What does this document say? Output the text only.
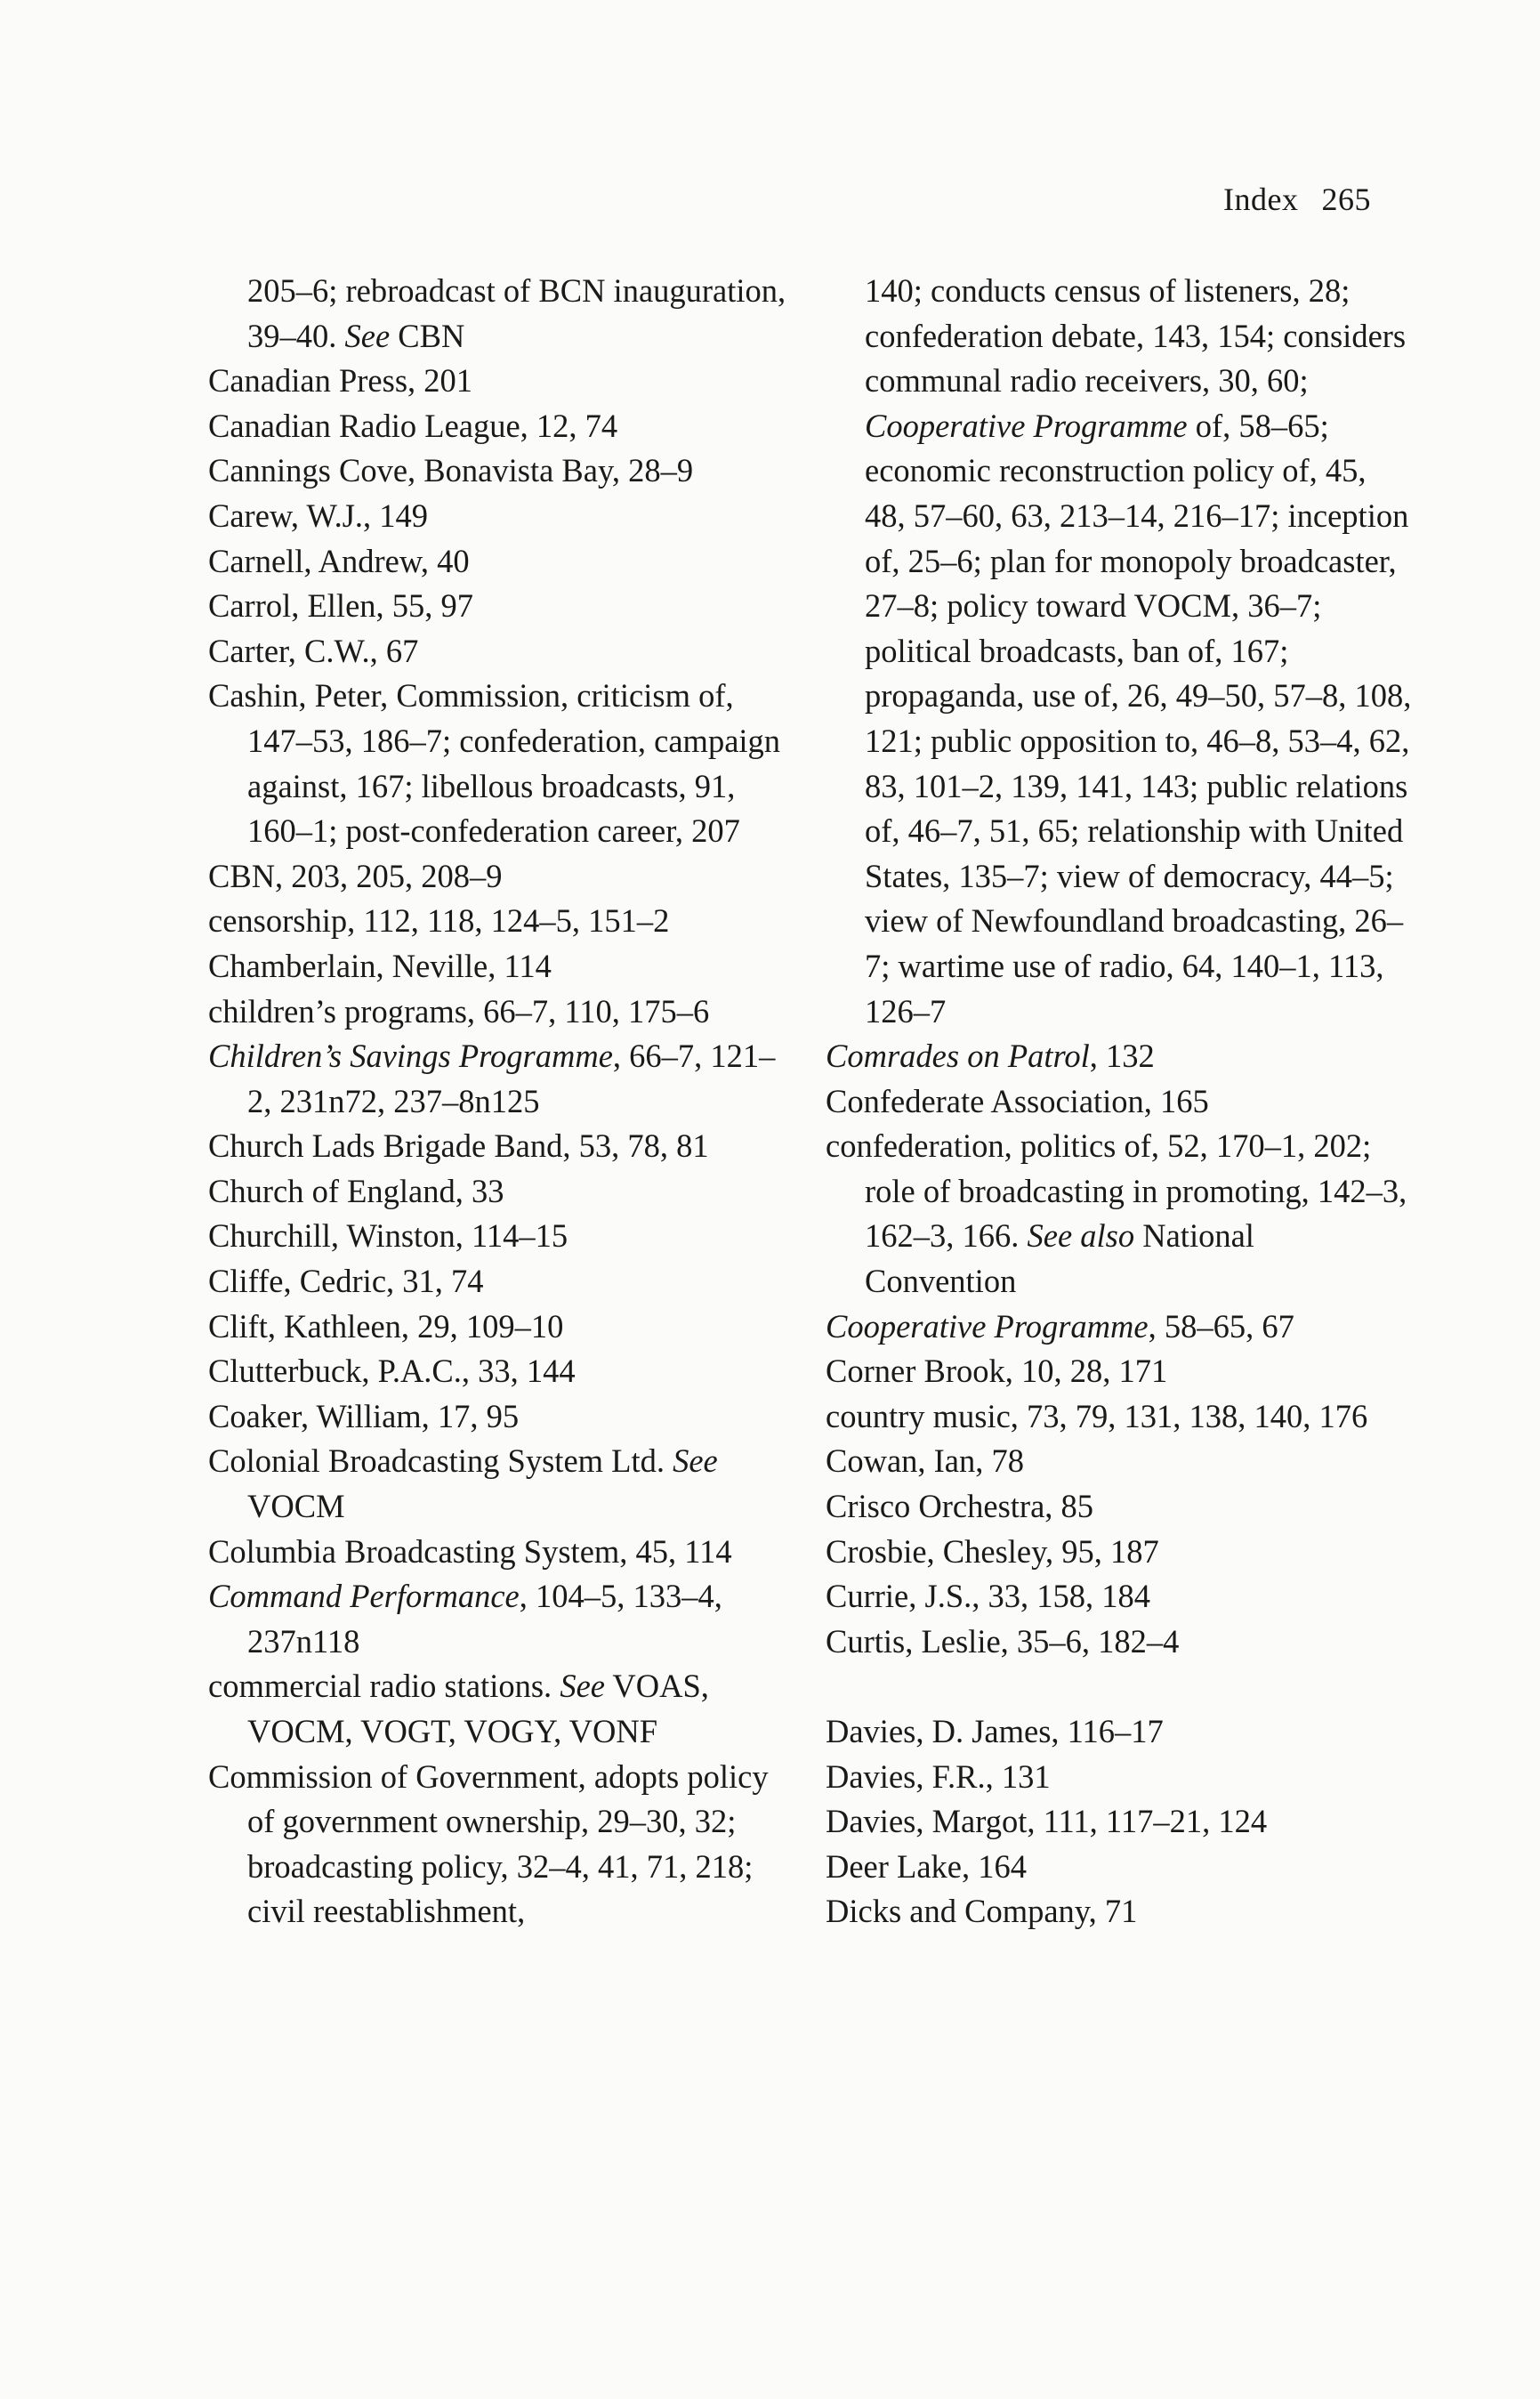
Index 265

205–6; rebroadcast of BCN inauguration, 39–40. See CBN

Canadian Press, 201

Canadian Radio League, 12, 74

Cannings Cove, Bonavista Bay, 28–9

Carew, W.J., 149

Carnell, Andrew, 40

Carrol, Ellen, 55, 97

Carter, C.W., 67

Cashin, Peter, Commission, criticism of, 147–53, 186–7; confederation, campaign against, 167; libellous broadcasts, 91, 160–1; post-confederation career, 207

CBN, 203, 205, 208–9

censorship, 112, 118, 124–5, 151–2

Chamberlain, Neville, 114

children’s programs, 66–7, 110, 175–6

Children’s Savings Programme, 66–7, 121–2, 231n72, 237–8n125

Church Lads Brigade Band, 53, 78, 81

Church of England, 33

Churchill, Winston, 114–15

Cliffe, Cedric, 31, 74

Clift, Kathleen, 29, 109–10

Clutterbuck, P.A.C., 33, 144

Coaker, William, 17, 95

Colonial Broadcasting System Ltd. See VOCM

Columbia Broadcasting System, 45, 114

Command Performance, 104–5, 133–4, 237n118

commercial radio stations. See VOAS, VOCM, VOGT, VOGY, VONF

Commission of Government, adopts policy of government ownership, 29–30, 32; broadcasting policy, 32–4, 41, 71, 218; civil reestablishment,

140; conducts census of listeners, 28; confederation debate, 143, 154; considers communal radio receivers, 30, 60; Cooperative Programme of, 58–65; economic reconstruction policy of, 45, 48, 57–60, 63, 213–14, 216–17; inception of, 25–6; plan for monopoly broadcaster, 27–8; policy toward VOCM, 36–7; political broadcasts, ban of, 167; propaganda, use of, 26, 49–50, 57–8, 108, 121; public opposition to, 46–8, 53–4, 62, 83, 101–2, 139, 141, 143; public relations of, 46–7, 51, 65; relationship with United States, 135–7; view of democracy, 44–5; view of Newfoundland broadcasting, 26–7; wartime use of radio, 64, 140–1, 113, 126–7

Comrades on Patrol, 132

Confederate Association, 165

confederation, politics of, 52, 170–1, 202; role of broadcasting in promoting, 142–3, 162–3, 166. See also National Convention

Cooperative Programme, 58–65, 67

Corner Brook, 10, 28, 171

country music, 73, 79, 131, 138, 140, 176

Cowan, Ian, 78

Crisco Orchestra, 85

Crosbie, Chesley, 95, 187

Currie, J.S., 33, 158, 184

Curtis, Leslie, 35–6, 182–4

Davies, D. James, 116–17

Davies, F.R., 131

Davies, Margot, 111, 117–21, 124

Deer Lake, 164

Dicks and Company, 71
